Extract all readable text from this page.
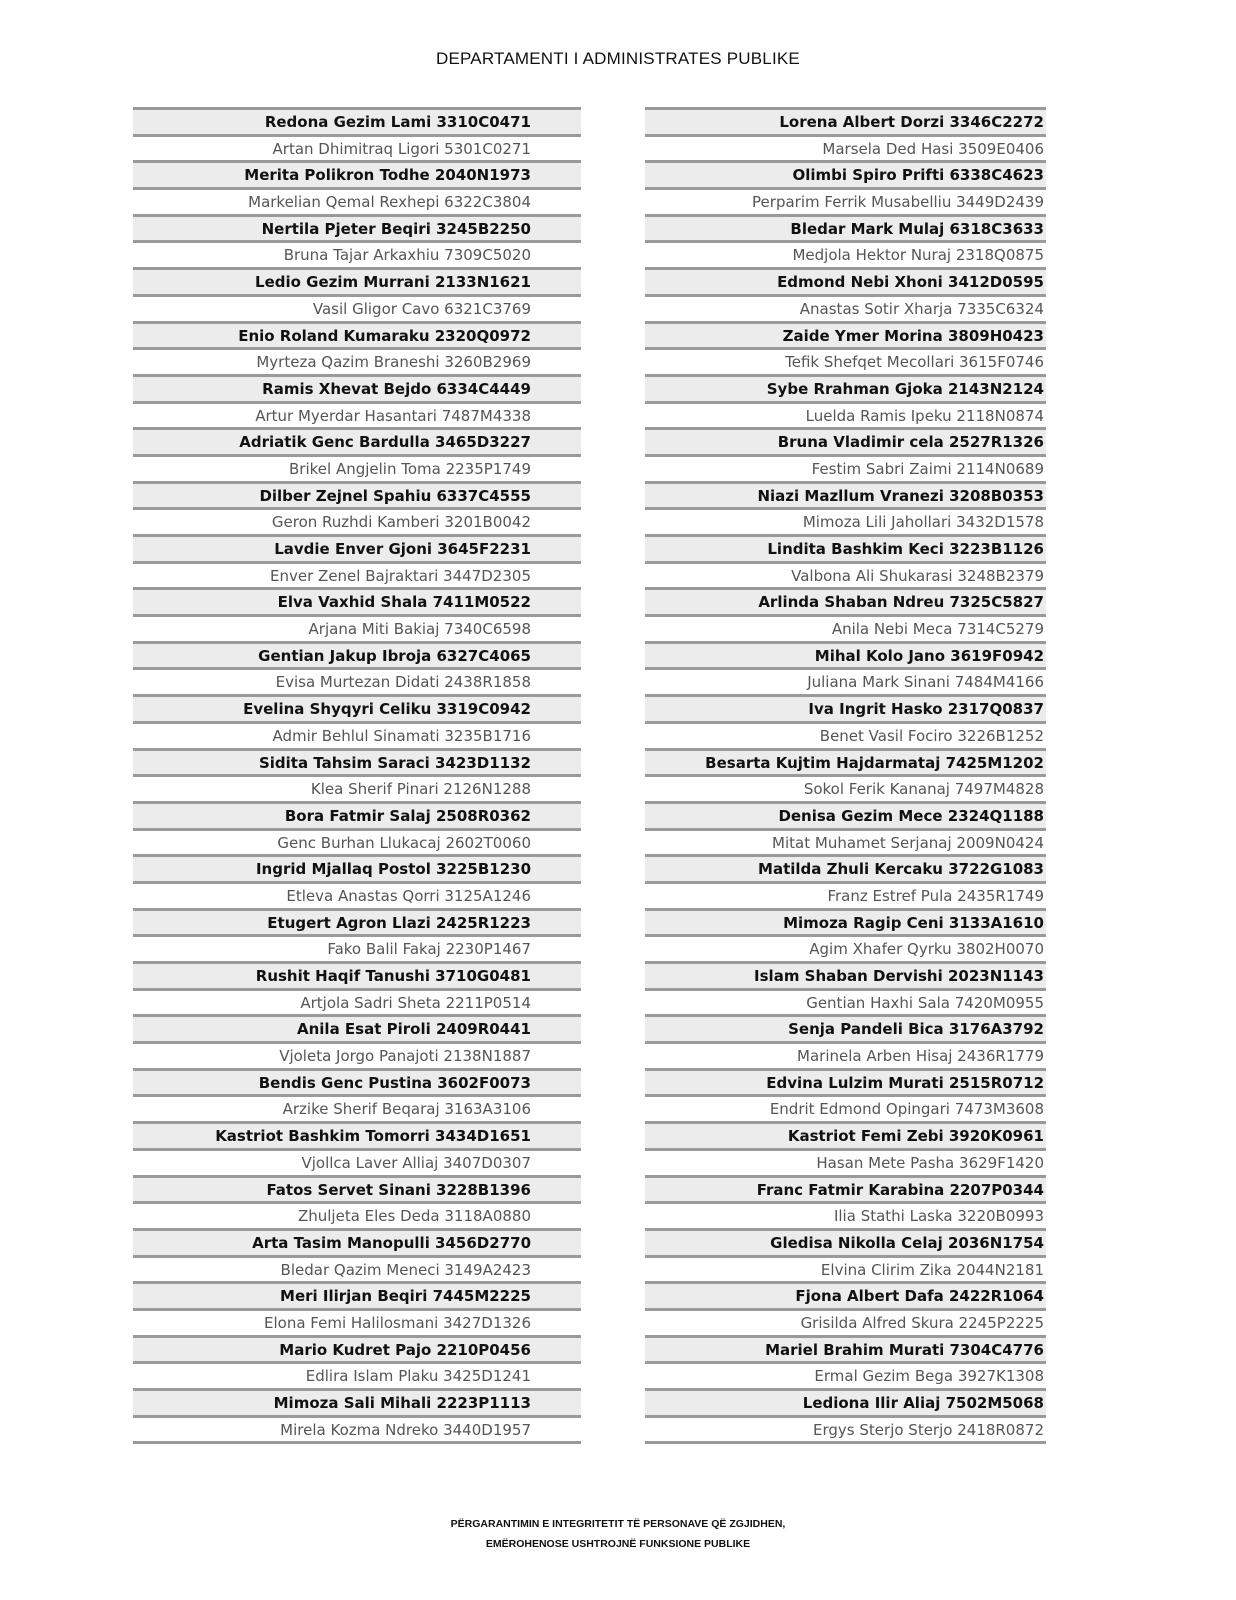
DEPARTAMENTI I ADMINISTRATES PUBLIKE
Redona Gezim Lami 3310C0471
Artan Dhimitraq Ligori 5301C0271
Merita Polikron Todhe 2040N1973
Markelian Qemal Rexhepi 6322C3804
Nertila Pjeter Beqiri 3245B2250
Bruna Tajar Arkaxhiu 7309C5020
Ledio Gezim Murrani 2133N1621
Vasil Gligor Cavo 6321C3769
Enio Roland Kumaraku 2320Q0972
Myrteza Qazim Braneshi 3260B2969
Ramis Xhevat Bejdo 6334C4449
Artur Myerdar Hasantari 7487M4338
Adriatik Genc Bardulla 3465D3227
Brikel Angjelin Toma 2235P1749
Dilber Zejnel Spahiu 6337C4555
Geron Ruzhdi Kamberi 3201B0042
Lavdie Enver Gjoni 3645F2231
Enver Zenel Bajraktari 3447D2305
Elva Vaxhid Shala 7411M0522
Arjana Miti Bakiaj 7340C6598
Gentian Jakup Ibroja 6327C4065
Evisa Murtezan Didati 2438R1858
Evelina Shyqyri Celiku 3319C0942
Admir Behlul Sinamati 3235B1716
Sidita Tahsim Saraci 3423D1132
Klea Sherif Pinari 2126N1288
Bora Fatmir Salaj 2508R0362
Genc Burhan Llukacaj 2602T0060
Ingrid Mjallaq Postol 3225B1230
Etleva Anastas Qorri 3125A1246
Etugert Agron Llazi 2425R1223
Fako Balil Fakaj 2230P1467
Rushit Haqif Tanushi 3710G0481
Artjola Sadri Sheta 2211P0514
Anila Esat Piroli 2409R0441
Vjoleta Jorgo Panajoti 2138N1887
Bendis Genc Pustina 3602F0073
Arzike Sherif Beqaraj 3163A3106
Kastriot Bashkim Tomorri 3434D1651
Vjollca Laver Alliaj 3407D0307
Fatos Servet Sinani 3228B1396
Zhuljeta Eles Deda 3118A0880
Arta Tasim Manopulli 3456D2770
Bledar Qazim Meneci 3149A2423
Meri Ilirjan Beqiri 7445M2225
Elona Femi Halilosmani 3427D1326
Mario Kudret Pajo 2210P0456
Edlira Islam Plaku 3425D1241
Mimoza Sali Mihali 2223P1113
Mirela Kozma Ndreko 3440D1957
Lorena Albert Dorzi 3346C2272
Marsela Ded Hasi 3509E0406
Olimbi Spiro Prifti 6338C4623
Perparim Ferrik Musabelliu 3449D2439
Bledar Mark Mulaj 6318C3633
Medjola Hektor Nuraj 2318Q0875
Edmond Nebi Xhoni 3412D0595
Anastas Sotir Xharja 7335C6324
Zaide Ymer Morina 3809H0423
Tefik Shefqet Mecollari 3615F0746
Sybe Rrahman Gjoka 2143N2124
Luelda Ramis Ipeku 2118N0874
Bruna Vladimir cela 2527R1326
Festim Sabri Zaimi 2114N0689
Niazi Mazllum Vranezi 3208B0353
Mimoza Lili Jahollari 3432D1578
Lindita Bashkim Keci 3223B1126
Valbona Ali Shukarasi 3248B2379
Arlinda Shaban Ndreu 7325C5827
Anila Nebi Meca 7314C5279
Mihal Kolo Jano 3619F0942
Juliana Mark Sinani 7484M4166
Iva Ingrit Hasko 2317Q0837
Benet Vasil Fociro 3226B1252
Besarta Kujtim Hajdarmataj 7425M1202
Sokol Ferik Kananaj 7497M4828
Denisa Gezim Mece 2324Q1188
Mitat Muhamet Serjanaj 2009N0424
Matilda Zhuli Kercaku 3722G1083
Franz Estref Pula 2435R1749
Mimoza Ragip Ceni 3133A1610
Agim Xhafer Qyrku 3802H0070
Islam Shaban Dervishi 2023N1143
Gentian Haxhi Sala 7420M0955
Senja Pandeli Bica 3176A3792
Marinela Arben Hisaj 2436R1779
Edvina Lulzim Murati 2515R0712
Endrit Edmond Opingari 7473M3608
Kastriot Femi Zebi 3920K0961
Hasan Mete Pasha 3629F1420
Franc Fatmir Karabina 2207P0344
Ilia Stathi Laska 3220B0993
Gledisa Nikolla Celaj 2036N1754
Elvina Clirim Zika 2044N2181
Fjona Albert Dafa 2422R1064
Grisilda Alfred Skura 2245P2225
Mariel Brahim Murati 7304C4776
Ermal Gezim Bega 3927K1308
Lediona Ilir Aliaj 7502M5068
Ergys Sterjo Sterjo 2418R0872
PËRGARANTIMIN E INTEGRITETIT TË PERSONAVE QË ZGJIDHEN,
EMËROHENOSE USHTROJNË FUNKSIONE PUBLIKE
